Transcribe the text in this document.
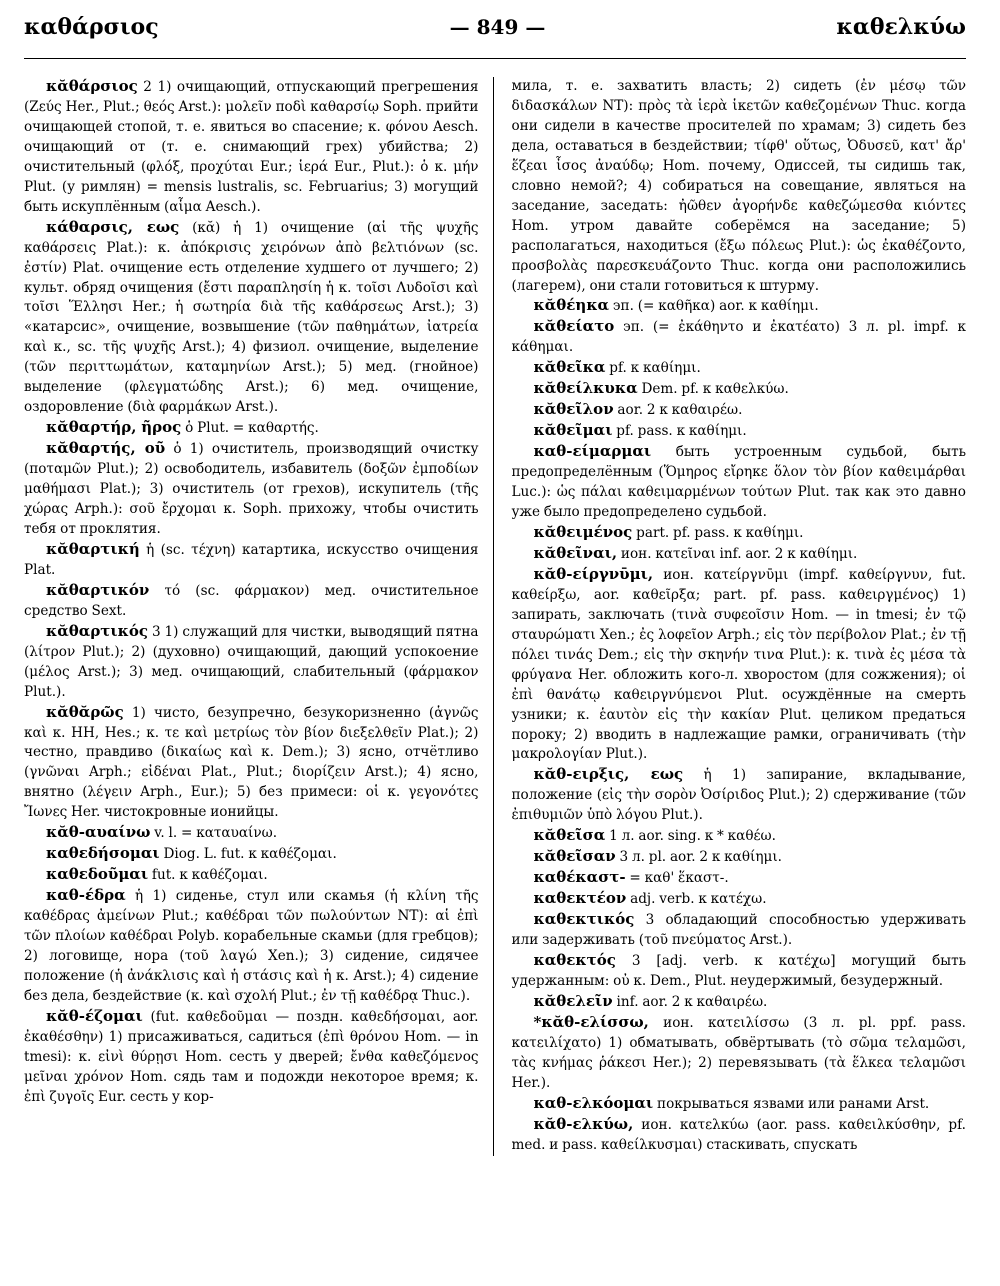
καθάρσιος	— 849 —	καθελκύω

κᾰθάρσιος 2 1) очищающий, отпускающий прегрешения (Ζεύς Her., Plut.; θεός Arst.): μολεῖν ποδὶ καθαρσίῳ Soph. прийти очищающей стопой, т. е. явиться во спасение; κ. φόνου Aesch. очищающий от (т. е. снимающий грех) убийства; 2) очистительный (φλόξ, προχύται Eur.; ἱερά Eur., Plut.): ὁ κ. μήν Plut. (у римлян) = mensis lustralis, sc. Februarius; 3) могущий быть искуплённым (αἷμα Aesch.).

κάθαρσις, εως (κᾰ) ἡ 1) очищение (αἱ τῆς ψυχῆς καθάρσεις Plat.): κ. ἀπόκρισις χειρόνων ἀπὸ βελτιόνων (sc. ἐστίν) Plat. очищение есть отделение худшего от лучшего; 2) культ. обряд очищения (ἔστι παραπλησίη ἡ κ. τοῖσι Λυδοῖσι καὶ τοῖσι Ἕλλησι Her.; ἡ σωτηρία διὰ τῆς καθάρσεως Arst.); 3) «катарсис», очищение, возвышение (τῶν παθημάτων, ἰατρεία καὶ κ., sc. τῆς ψυχῆς Arst.); 4) физиол. очищение, выделение (τῶν περιττωμάτων, καταμηνίων Arst.); 5) мед. (гнойное) выделение (φλεγματώδης Arst.); 6) мед. очищение, оздоровление (διὰ φαρμάκων Arst.).

κᾰθαρτήρ, ῆρος ὁ Plut. = καθαρτής.

κᾰθαρτής, οῦ ὁ 1) очиститель, производящий очистку (ποταμῶν Plut.); 2) освободитель, избавитель (δοξῶν ἐμποδίων μαθήμασι Plat.); 3) очиститель (от грехов), искупитель (τῆς χώρας Arph.): σοῦ ἔρχομαι κ. Soph. прихожу, чтобы очистить тебя от проклятия.

κᾰθαρτική ἡ (sc. τέχνη) катартика, искусство очищения Plat.

κᾰθαρτικόν τό (sc. φάρμακον) мед. очистительное средство Sext.

κᾰθαρτικός 3 1) служащий для чистки, выводящий пятна (λίτρον Plut.); 2) (духовно) очищающий, дающий успокоение (μέλος Arst.); 3) мед. очищающий, слабительный (φάρμακον Plut.).

κᾰθᾰρῶς 1) чисто, безупречно, безукоризненно (ἁγνῶς καὶ κ. HH, Hes.; κ. τε καὶ μετρίως τὸν βίον διεξελθεῖν Plat.); 2) честно, правдиво (δικαίως καὶ κ. Dem.); 3) ясно, отчётливо (γνῶναι Arph.; εἰδέναι Plat., Plut.; διορίζειν Arst.); 4) ясно, внятно (λέγειν Arph., Eur.); 5) без примеси: οἱ κ. γεγονότες Ἴωνες Her. чистокровные ионийцы.

κᾰθ-αυαίνω v. l. = καταυαίνω.

καθεδήσομαι Diog. L. fut. к καθέζομαι.

καθεδοῦμαι fut. к καθέζομαι.

καθ-έδρα ἡ 1) сиденье, стул или скамья (ἡ κλίνη τῆς καθέδρας ἀμείνων Plut.; καθέδραι τῶν πωλούντων NT): αἱ ἐπὶ τῶν πλοίων καθέδραι Polyb. корабельные скамьи (для гребцов); 2) логовище, нора (τοῦ λαγώ Xen.); 3) сидение, сидячее положение (ἡ ἀνάκλισις καὶ ἡ στάσις καὶ ἡ κ. Arst.); 4) сидение без дела, бездействие (κ. καὶ σχολή Plut.; ἐν τῇ καθέδρᾳ Thuc.).

κᾰθ-έζομαι (fut. καθεδοῦμαι — поздн. καθεδήσομαι, aor. ἐκαθέσθην) 1) присаживаться, садиться (ἐπὶ θρόνου Hom. — in tmesi): κ. εἰνὶ θύρῃσι Hom. сесть у дверей; ἔνθα καθεζόμενος μεῖναι χρόνον Hom. сядь там и подожди некоторое время; κ. ἐπὶ ζυγοῖς Eur. сесть у кор-

мила, т. е. захватить власть; 2) сидеть (ἐν μέσῳ τῶν διδασκάλων NT): πρὸς τὰ ἱερὰ ἱκετῶν καθεζομένων Thuc. когда они сидели в качестве просителей по храмам; 3) сидеть без дела, оставаться в бездействии; τίφθ' οὕτως, Ὀδυσεῦ, κατ' ἄρ' ἕζεαι ἶσος ἀναύδῳ; Hom. почему, Одиссей, ты сидишь так, словно немой?; 4) собираться на совещание, являться на заседание, заседать: ἠῶθεν ἀγορήνδε καθεζώμεσθα κιόντες Hom. утром давайте соберёмся на заседание; 5) располагаться, находиться (ἔξω πόλεως Plut.): ὡς ἐκαθέζοντο, προσβολὰς παρεσκευάζοντο Thuc. когда они расположились (лагерем), они стали готовиться к штурму.

κᾰθέηκα эп. (= καθῆκα) aor. к καθίημι.

κᾰθείατο эп. (= ἐκάθηντο и ἐκατέατο) 3 л. pl. impf. к κάθημαι.

κᾰθεῖκα pf. к καθίημι.

κᾰθείλκυκα Dem. pf. к καθελκύω.

κᾰθεῖλον aor. 2 к καθαιρέω.

κᾰθεῖμαι pf. pass. к καθίημι.

καθ-είμαρμαι быть устроенным судьбой, быть предопределённым (Ὅμηρος εἴρηκε ὅλον τὸν βίον καθειμάρθαι Luc.): ὡς πάλαι καθειμαρμένων τούτων Plut. так как это давно уже было предопределено судьбой.

κᾰθειμένος part. pf. pass. к καθίημι.

κᾰθεῖναι, ион. κατεῖναι inf. aor. 2 к καθίημι.

κᾰθ-είργνῡμι, ион. κατείργνῡμι (impf. καθείργνυν, fut. καθείρξω, aor. καθεῖρξα; part. pf. pass. καθειργμένος) 1) запирать, заключать (τινὰ συφεοῖσιν Hom. — in tmesi; ἐν τῷ σταυρώματι Xen.; ἐς λοφεῖον Arph.; εἰς τὸν περίβολον Plat.; ἐν τῇ πόλει τινάς Dem.; εἰς τὴν σκηνήν τινα Plut.): κ. τινὰ ἐς μέσα τὰ φρύγανα Her. обложить кого-л. хворостом (для сожжения); οἱ ἐπὶ θανάτῳ καθειργνύμενοι Plut. осуждённые на смерть узники; κ. ἑαυτὸν εἰς τὴν κακίαν Plut. целиком предаться пороку; 2) вводить в надлежащие рамки, ограничивать (τὴν μακρολογίαν Plut.).

κᾰθ-ειρξις, εως ἡ 1) запирание, вкладывание, положение (εἰς τὴν σορὸν Ὀσίριδος Plut.); 2) сдерживание (τῶν ἐπιθυμιῶν ὑπὸ λόγου Plut.).

κᾰθεῖσα 1 л. aor. sing. к * καθέω.

κᾰθεῖσαν 3 л. pl. aor. 2 к καθίημι.

καθέκαστ- = καθ' ἕκαστ-.

καθεκτέον adj. verb. к κατέχω.

καθεκτικός 3 обладающий способностью удерживать или задерживать (τοῦ πνεύματος Arst.).

καθεκτός 3 [adj. verb. к κατέχω] могущий быть удержанным: οὐ κ. Dem., Plut. неудержимый, безудержный.

κᾰθελεῖν inf. aor. 2 к καθαιρέω.

*κᾰθ-ελίσσω, ион. κατειλίσσω (3 л. pl. ppf. pass. κατειλίχατο) 1) обматывать, обвёртывать (τὸ σῶμα τελαμῶσι, τὰς κνήμας ῥάκεσι Her.); 2) перевязывать (τὰ ἕλκεα τελαμῶσι Her.).

καθ-ελκόομαι покрываться язвами или ранами Arst.

κᾰθ-ελκύω, ион. κατελκύω (aor. pass. καθειλκύσθην, pf. med. и pass. καθείλκυσμαι) стаскивать, спускать
